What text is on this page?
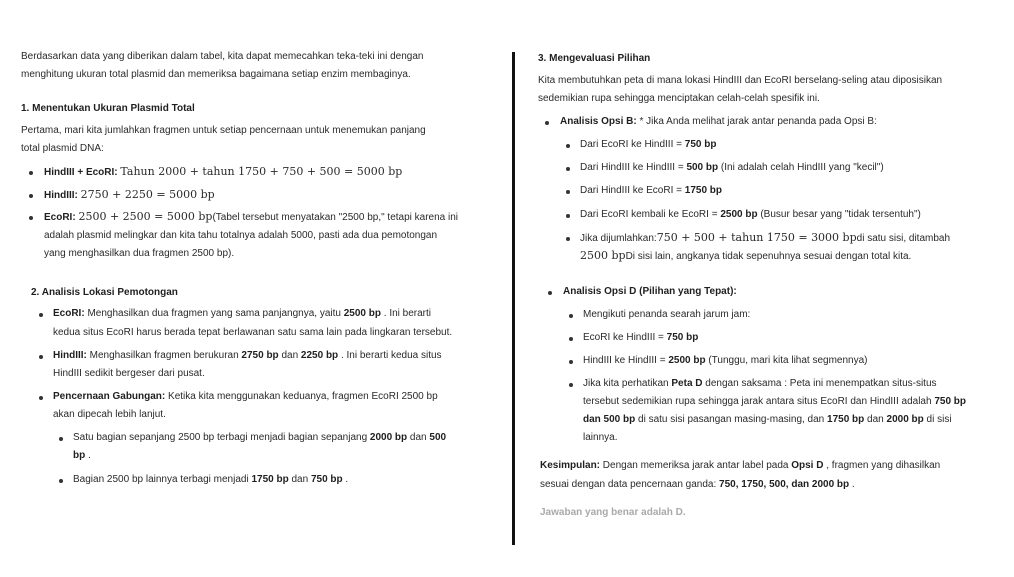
Berdasarkan data yang diberikan dalam tabel, kita dapat memecahkan teka-teki ini dengan
menghitung ukuran total plasmid dan memeriksa bagaimana setiap enzim membaginya.
1. Menentukan Ukuran Plasmid Total
Pertama, mari kita jumlahkan fragmen untuk setiap pencernaan untuk menemukan panjang
total plasmid DNA:
HindIII + EcoRI: Tahun 2000 + tahun 1750 + 750 + 500 = 5000 bp
HindIII: 2750 + 2250 = 5000 bp
EcoRI: 2500 + 2500 = 5000 bp(Tabel tersebut menyatakan "2500 bp," tetapi karena ini
adalah plasmid melingkar dan kita tahu totalnya adalah 5000, pasti ada dua pemotongan
yang menghasilkan dua fragmen 2500 bp).
2. Analisis Lokasi Pemotongan
EcoRI: Menghasilkan dua fragmen yang sama panjangnya, yaitu 2500 bp . Ini berarti
kedua situs EcoRI harus berada tepat berlawanan satu sama lain pada lingkaran tersebut.
HindIII: Menghasilkan fragmen berukuran 2750 bp dan 2250 bp . Ini berarti kedua situs
HindIII sedikit bergeser dari pusat.
Pencernaan Gabungan: Ketika kita menggunakan keduanya, fragmen EcoRI 2500 bp
akan dipecah lebih lanjut.
Satu bagian sepanjang 2500 bp terbagi menjadi bagian sepanjang 2000 bp dan 500
bp .
Bagian 2500 bp lainnya terbagi menjadi 1750 bp dan 750 bp .
3. Mengevaluasi Pilihan
Kita membutuhkan peta di mana lokasi HindIII dan EcoRI berselang-seling atau diposisikan
sedemikian rupa sehingga menciptakan celah-celah spesifik ini.
Analisis Opsi B: * Jika Anda melihat jarak antar penanda pada Opsi B:
Dari EcoRI ke HindIII = 750 bp
Dari HindIII ke HindIII = 500 bp (Ini adalah celah HindIII yang "kecil")
Dari HindIII ke EcoRI = 1750 bp
Dari EcoRI kembali ke EcoRI = 2500 bp (Busur besar yang "tidak tersentuh")
Jika dijumlahkan:750 + 500 + tahun 1750 = 3000 bpdi satu sisi, ditambah
2500 bpDi sisi lain, angkanya tidak sepenuhnya sesuai dengan total kita.
Analisis Opsi D (Pilihan yang Tepat):
Mengikuti penanda searah jarum jam:
EcoRI ke HindIII = 750 bp
HindIII ke HindIII = 2500 bp (Tunggu, mari kita lihat segmennya)
Jika kita perhatikan Peta D dengan saksama : Peta ini menempatkan situs-situs
tersebut sedemikian rupa sehingga jarak antara situs EcoRI dan HindIII adalah 750 bp
dan 500 bp di satu sisi pasangan masing-masing, dan 1750 bp dan 2000 bp di sisi
lainnya.
Kesimpulan: Dengan memeriksa jarak antar label pada Opsi D , fragmen yang dihasilkan
sesuai dengan data pencernaan ganda: 750, 1750, 500, dan 2000 bp .
Jawaban yang benar adalah D.
